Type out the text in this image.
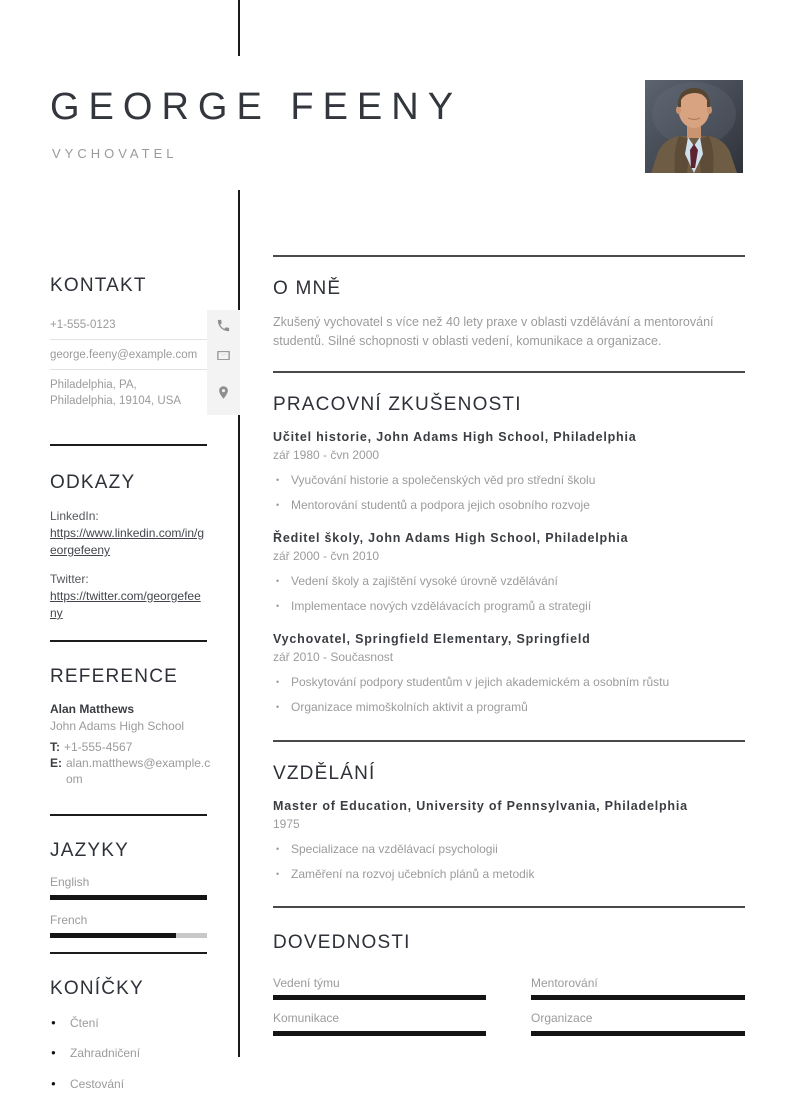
GEORGE FEENY
VYCHOVATEL
KONTAKT
+1-555-0123
george.feeny@example.com
Philadelphia, PA,
Philadelphia, 19104, USA
ODKAZY
LinkedIn:
https://www.linkedin.com/in/georgefeeny
Twitter:
https://twitter.com/georgefeeny
REFERENCE
Alan Matthews
John Adams High School
T: +1-555-4567
E: alan.matthews@example.com
JAZYKY
English
French
KONÍČKY
● Čtení
● Zahradničení
● Cestování
O MNĚ

Zkušený vychovatel s více než 40 lety praxe v oblasti vzdělávání a mentorování studentů. Silné schopnosti v oblasti vedení, komunikace a organizace.

PRACOVNÍ ZKUŠENOSTI
Učitel historie, John Adams High School, Philadelphia
zář 1980 - čvn 2000
• Vyučování historie a společenských věd pro střední školu
• Mentorování studentů a podpora jejich osobního rozvoje
Ředitel školy, John Adams High School, Philadelphia
zář 2000 - čvn 2010
• Vedení školy a zajištění vysoké úrovně vzdělávání
• Implementace nových vzdělávacích programů a strategií
Vychovatel, Springfield Elementary, Springfield
zář 2010 - Současnost
• Poskytování podpory studentům v jejich akademickém a osobním růstu
• Organizace mimoškolních aktivit a programů
VZDĚLÁNÍ
Master of Education, University of Pennsylvania, Philadelphia
1975
• Specializace na vzdělávací psychologii
• Zaměření na rozvoj učebních plánů a metodik
DOVEDNOSTI
Vedení týmu	Mentorování
Komunikace	Organizace
